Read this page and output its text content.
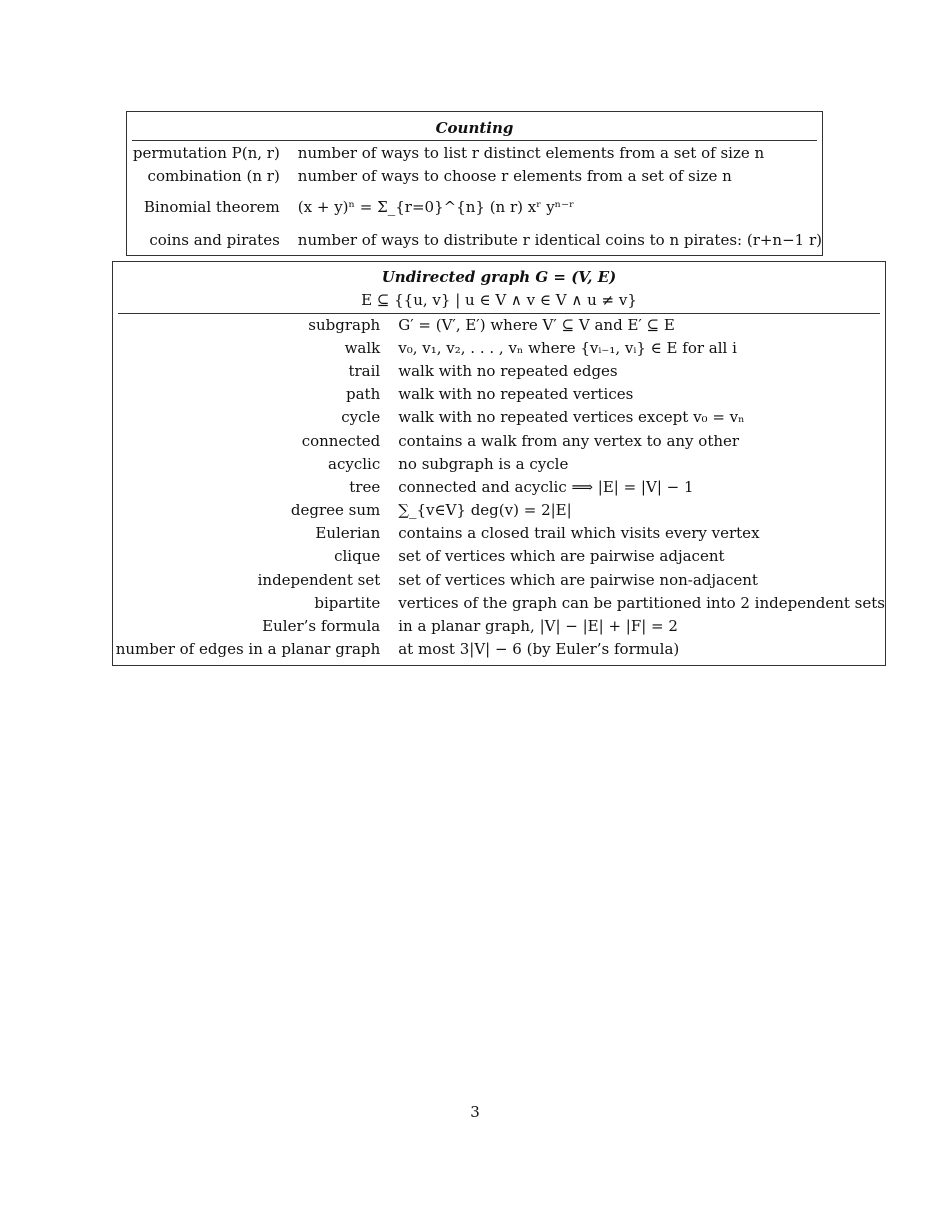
Counting
permutation P(n, r)	number of ways to list r distinct elements from a set of size n
combination (n r)	number of ways to choose r elements from a set of size n
Binomial theorem	(x + y)ⁿ = Σ_{r=0}^{n} (n r) xʳ yⁿ⁻ʳ
coins and pirates	number of ways to distribute r identical coins to n pirates: (r+n−1 r)
Undirected graph G = (V, E)
E ⊆ {{u, v} | u ∈ V ∧ v ∈ V ∧ u ≠ v}
subgraph	G′ = (V′, E′) where V′ ⊆ V and E′ ⊆ E
walk	v₀, v₁, v₂, . . . , vₙ where {vᵢ₋₁, vᵢ} ∈ E for all i
trail	walk with no repeated edges
path	walk with no repeated vertices
cycle	walk with no repeated vertices except v₀ = vₙ
connected	contains a walk from any vertex to any other
acyclic	no subgraph is a cycle
tree	connected and acyclic ⟹ |E| = |V| − 1
degree sum	∑_{v∈V} deg(v) = 2|E|
Eulerian	contains a closed trail which visits every vertex
clique	set of vertices which are pairwise adjacent
independent set	set of vertices which are pairwise non-adjacent
bipartite	vertices of the graph can be partitioned into 2 independent sets
Euler’s formula	in a planar graph, |V| − |E| + |F| = 2
number of edges in a planar graph	at most 3|V| − 6 (by Euler’s formula)
3
